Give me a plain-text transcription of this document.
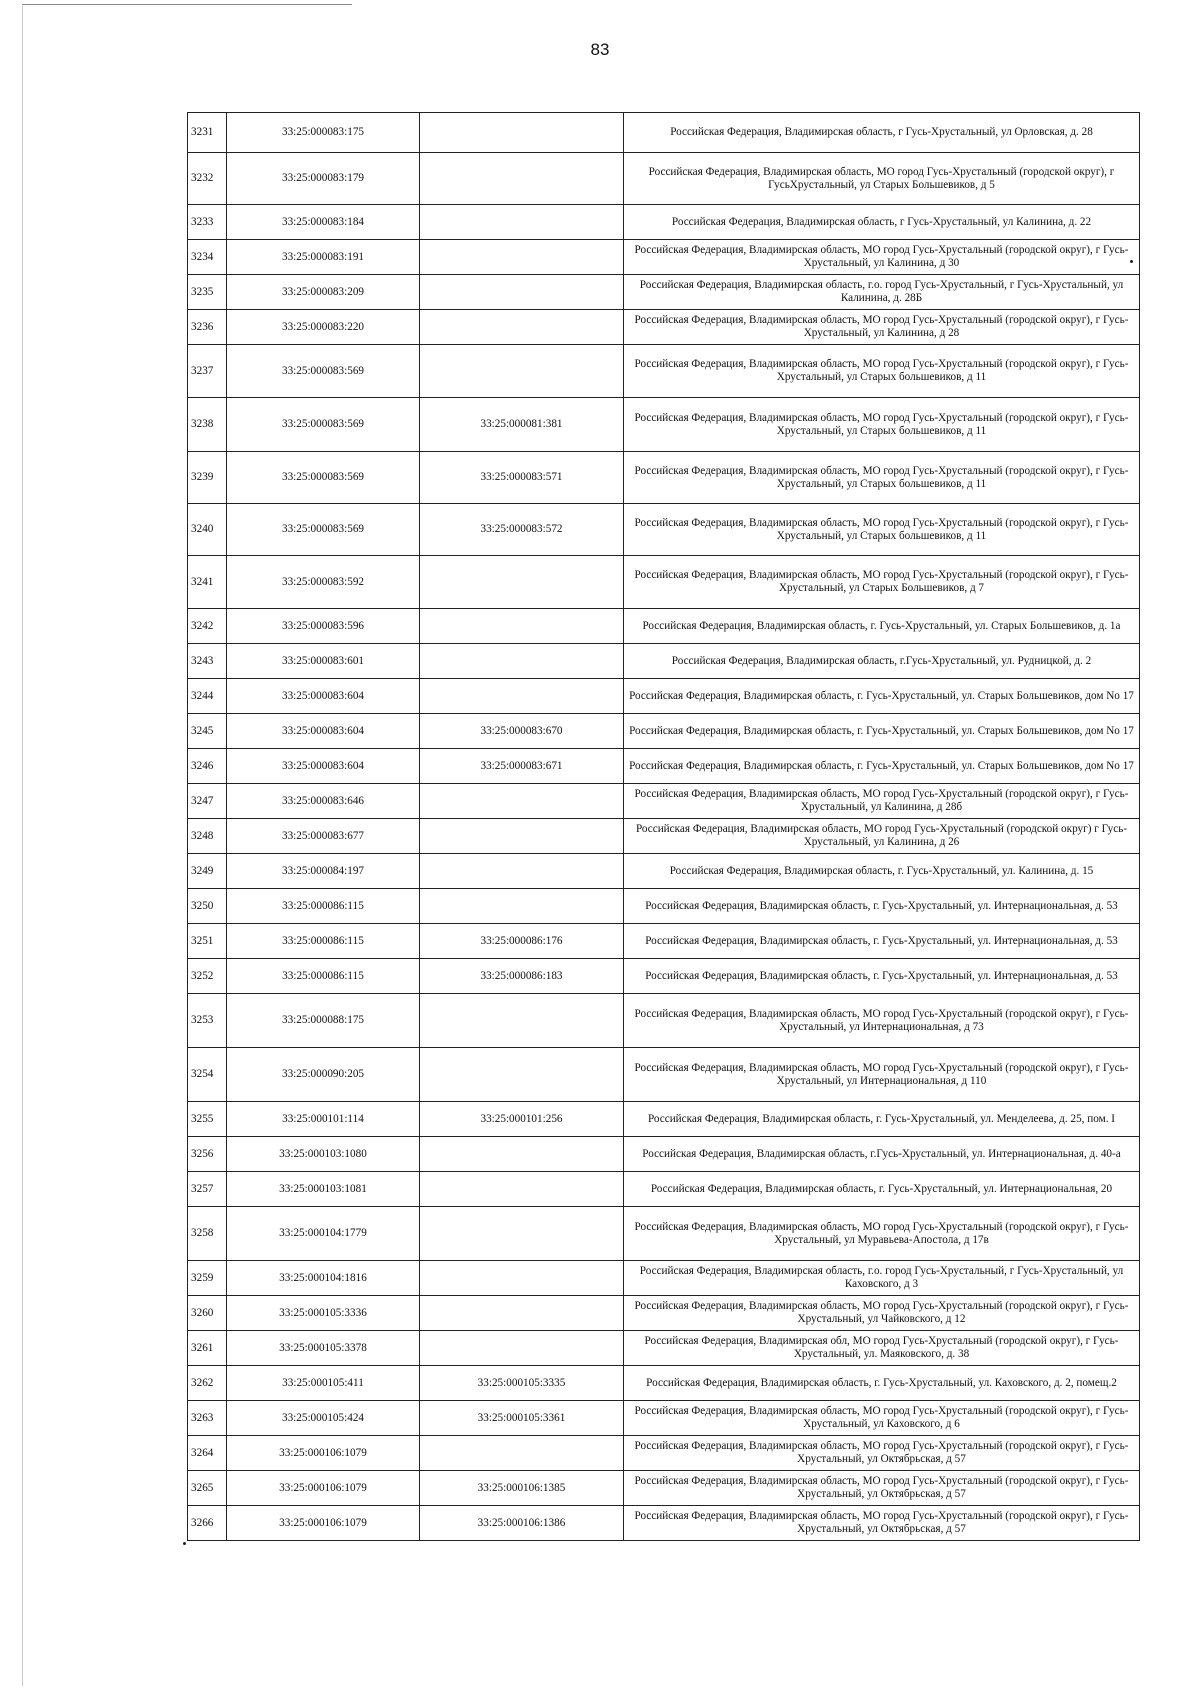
83
3231	33:25:000083:175		Российская Федерация, Владимирская область, г Гусь-Хрустальный, ул Орловская, д. 28
3232	33:25:000083:179		Российская Федерация, Владимирская область, МО город Гусь-Хрустальный (городской округ), г ГусьХрустальный, ул Старых Большевиков, д 5
3233	33:25:000083:184		Российская Федерация, Владимирская область, г Гусь-Хрустальный, ул Калинина, д. 22
3234	33:25:000083:191		Российская Федерация, Владимирская область, МО город Гусь-Хрустальный (городской округ), г Гусь-Хрустальный, ул Калинина, д 30
3235	33:25:000083:209		Российская Федерация, Владимирская область, г.о. город Гусь-Хрустальный, г Гусь-Хрустальный, ул Калинина, д. 28Б
3236	33:25:000083:220		Российская Федерация, Владимирская область, МО город Гусь-Хрустальный (городской округ), г Гусь- Хрустальный, ул Калинина, д 28
3237	33:25:000083:569		Российская Федерация, Владимирская область, МО город Гусь-Хрустальный (городской округ), г Гусь-Хрустальный, ул Старых большевиков, д 11
3238	33:25:000083:569	33:25:000081:381	Российская Федерация, Владимирская область, МО город Гусь-Хрустальный (городской округ), г Гусь-Хрустальный, ул Старых большевиков, д 11
3239	33:25:000083:569	33:25:000083:571	Российская Федерация, Владимирская область, МО город Гусь-Хрустальный (городской округ), г Гусь-Хрустальный, ул Старых большевиков, д 11
3240	33:25:000083:569	33:25:000083:572	Российская Федерация, Владимирская область, МО город Гусь-Хрустальный (городской округ), г Гусь-Хрустальный, ул Старых большевиков, д 11
3241	33:25:000083:592		Российская Федерация, Владимирская область, МО город Гусь-Хрустальный (городской округ), г Гусь-Хрустальный, ул Старых Большевиков, д 7
3242	33:25:000083:596		Российская Федерация, Владимирская область, г. Гусь-Хрустальный, ул. Старых Большевиков, д. 1а
3243	33:25:000083:601		Российская Федерация, Владимирская область, г.Гусь-Хрустальный, ул. Рудницкой, д. 2
3244	33:25:000083:604		Российская Федерация, Владимирская область, г. Гусь-Хрустальный, ул. Старых Большевиков, дом No 17
3245	33:25:000083:604	33:25:000083:670	Российская Федерация, Владимирская область, г. Гусь-Хрустальный, ул. Старых Большевиков, дом No 17
3246	33:25:000083:604	33:25:000083:671	Российская Федерация, Владимирская область, г. Гусь-Хрустальный, ул. Старых Большевиков, дом No 17
3247	33:25:000083:646		Российская Федерация, Владимирская область, МО город Гусь-Хрустальный (городской округ), г Гусь-Хрустальный, ул Калинина, д 28б
3248	33:25:000083:677		Российская Федерация, Владимирская область, МО город Гусь-Хрустальный (городской округ) г Гусь-Хрустальный, ул Калинина, д 26
3249	33:25:000084:197		Российская Федерация, Владимирская область, г. Гусь-Хрустальный, ул. Калинина, д. 15
3250	33:25:000086:115		Российская Федерация, Владимирская область, г. Гусь-Хрустальный, ул. Интернациональная, д. 53
3251	33:25:000086:115	33:25:000086:176	Российская Федерация, Владимирская область, г. Гусь-Хрустальный, ул. Интернациональная, д. 53
3252	33:25:000086:115	33:25:000086:183	Российская Федерация, Владимирская область, г. Гусь-Хрустальный, ул. Интернациональная, д. 53
3253	33:25:000088:175		Российская Федерация, Владимирская область, МО город Гусь-Хрустальный (городской округ), г Гусь-Хрустальный, ул Интернациональная, д 73
3254	33:25:000090:205		Российская Федерация, Владимирская область, МО город Гусь-Хрустальный (городской округ), г Гусь-Хрустальный, ул Интернациональная, д 110
3255	33:25:000101:114	33:25:000101:256	Российская Федерация, Владимирская область, г. Гусь-Хрустальный, ул. Менделеева, д. 25, пом. I
3256	33:25:000103:1080		Российская Федерация, Владимирская область, г.Гусь-Хрустальный, ул. Интернациональная, д. 40-а
3257	33:25:000103:1081		Российская Федерация, Владимирская область, г. Гусь-Хрустальный, ул. Интернациональная, 20
3258	33:25:000104:1779		Российская Федерация, Владимирская область, МО город Гусь-Хрустальный (городской округ), г Гусь-Хрустальный, ул Муравьева-Апостола, д 17в
3259	33:25:000104:1816		Российская Федерация, Владимирская область, г.о. город Гусь-Хрустальный, г Гусь-Хрустальный, ул Каховского, д 3
3260	33:25:000105:3336		Российская Федерация, Владимирская область, МО город Гусь-Хрустальный (городской округ), г Гусь-Хрустальный, ул Чайковского, д 12
3261	33:25:000105:3378		Российская Федерация, Владимирская обл, МО город Гусь-Хрустальный (городской округ), г Гусь-Хрустальный, ул. Маяковского, д. 38
3262	33:25:000105:411	33:25:000105:3335	Российская Федерация, Владимирская область, г. Гусь-Хрустальный, ул. Каховского, д. 2, помещ.2
3263	33:25:000105:424	33:25:000105:3361	Российская Федерация, Владимирская область, МО город Гусь-Хрустальный (городской округ), г Гусь-Хрустальный, ул Каховского, д 6
3264	33:25:000106:1079		Российская Федерация, Владимирская область, МО город Гусь-Хрустальный (городской округ), г Гусь-Хрустальный, ул Октябрьская, д 57
3265	33:25:000106:1079	33:25:000106:1385	Российская Федерация, Владимирская область, МО город Гусь-Хрустальный (городской округ), г Гусь-Хрустальный, ул Октябрьская, д 57
3266	33:25:000106:1079	33:25:000106:1386	Российская Федерация, Владимирская область, МО город Гусь-Хрустальный (городской округ), г Гусь-Хрустальный, ул Октябрьская, д 57
